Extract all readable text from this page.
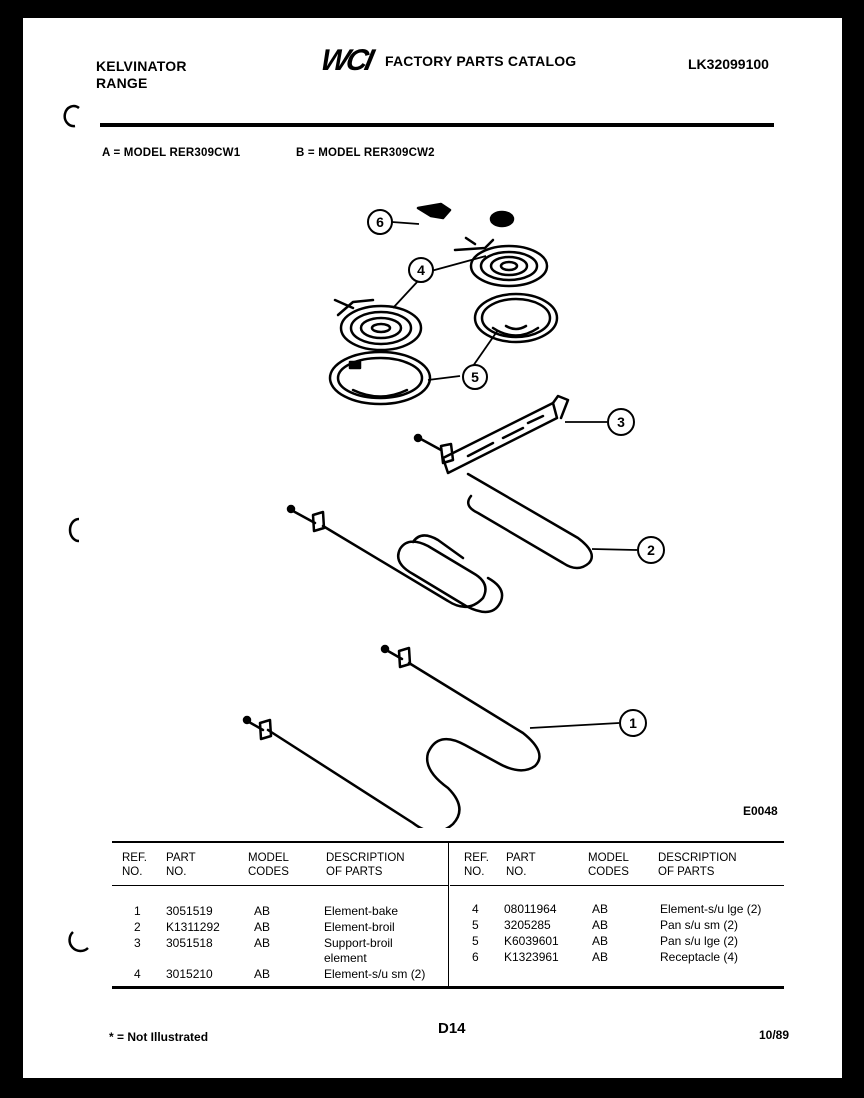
KELVINATOR
RANGE
WCI FACTORY PARTS CATALOG	LK32099100
A = MODEL RER309CW1	B = MODEL RER309CW2
6
4
5
3
2
1
E0048
REF.
NO.
PART
NO.
MODEL
CODES
DESCRIPTION
OF PARTS
1 3051519	AB	Element-bake
2 K1311292	AB	Element-broil
3 3051518	AB	Support-broil
element
4 3015210	AB	Element-s/u sm (2)
REF.
NO.
PART
NO.
MODEL
CODES
DESCRIPTION
OF PARTS
4 08011964	AB	Element-s/u lge (2)
5 3205285	AB	Pan s/u sm (2)
5 K6039601	AB	Pan s/u lge (2)
6 K1323961	AB	Receptacle (4)
* = Not Illustrated	D14	10/89
